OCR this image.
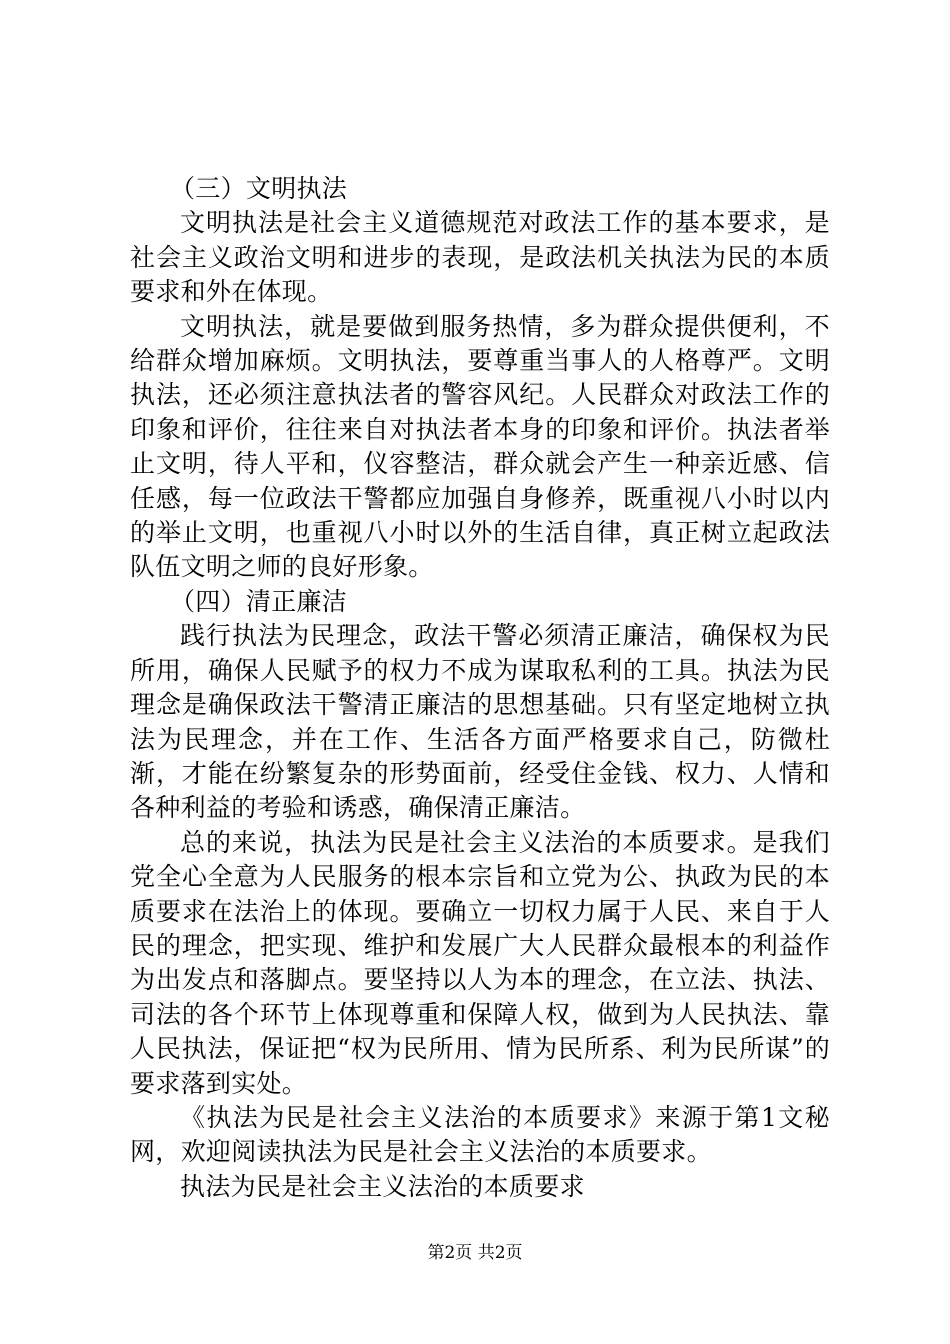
（三）文明执法

文明执法是社会主义道德规范对政法工作的基本要求，是社会主义政治文明和进步的表现，是政法机关执法为民的本质要求和外在体现。

文明执法，就是要做到服务热情，多为群众提供便利，不给群众增加麻烦。文明执法，要尊重当事人的人格尊严。文明执法，还必须注意执法者的警容风纪。人民群众对政法工作的印象和评价，往往来自对执法者本身的印象和评价。执法者举止文明，待人平和，仪容整洁，群众就会产生一种亲近感、信任感，每一位政法干警都应加强自身修养，既重视八小时以内的举止文明，也重视八小时以外的生活自律，真正树立起政法队伍文明之师的良好形象。

（四）清正廉洁

践行执法为民理念，政法干警必须清正廉洁，确保权为民所用，确保人民赋予的权力不成为谋取私利的工具。执法为民理念是确保政法干警清正廉洁的思想基础。只有坚定地树立执法为民理念，并在工作、生活各方面严格要求自己，防微杜渐，才能在纷繁复杂的形势面前，经受住金钱、权力、人情和各种利益的考验和诱惑，确保清正廉洁。

总的来说，执法为民是社会主义法治的本质要求。是我们党全心全意为人民服务的根本宗旨和立党为公、执政为民的本质要求在法治上的体现。要确立一切权力属于人民、来自于人民的理念，把实现、维护和发展广大人民群众最根本的利益作为出发点和落脚点。要坚持以人为本的理念，在立法、执法、司法的各个环节上体现尊重和保障人权，做到为人民执法、靠人民执法，保证把“权为民所用、情为民所系、利为民所谋”的要求落到实处。

《执法为民是社会主义法治的本质要求》来源于第1文秘网，欢迎阅读执法为民是社会主义法治的本质要求。

执法为民是社会主义法治的本质要求

第2页 共2页
